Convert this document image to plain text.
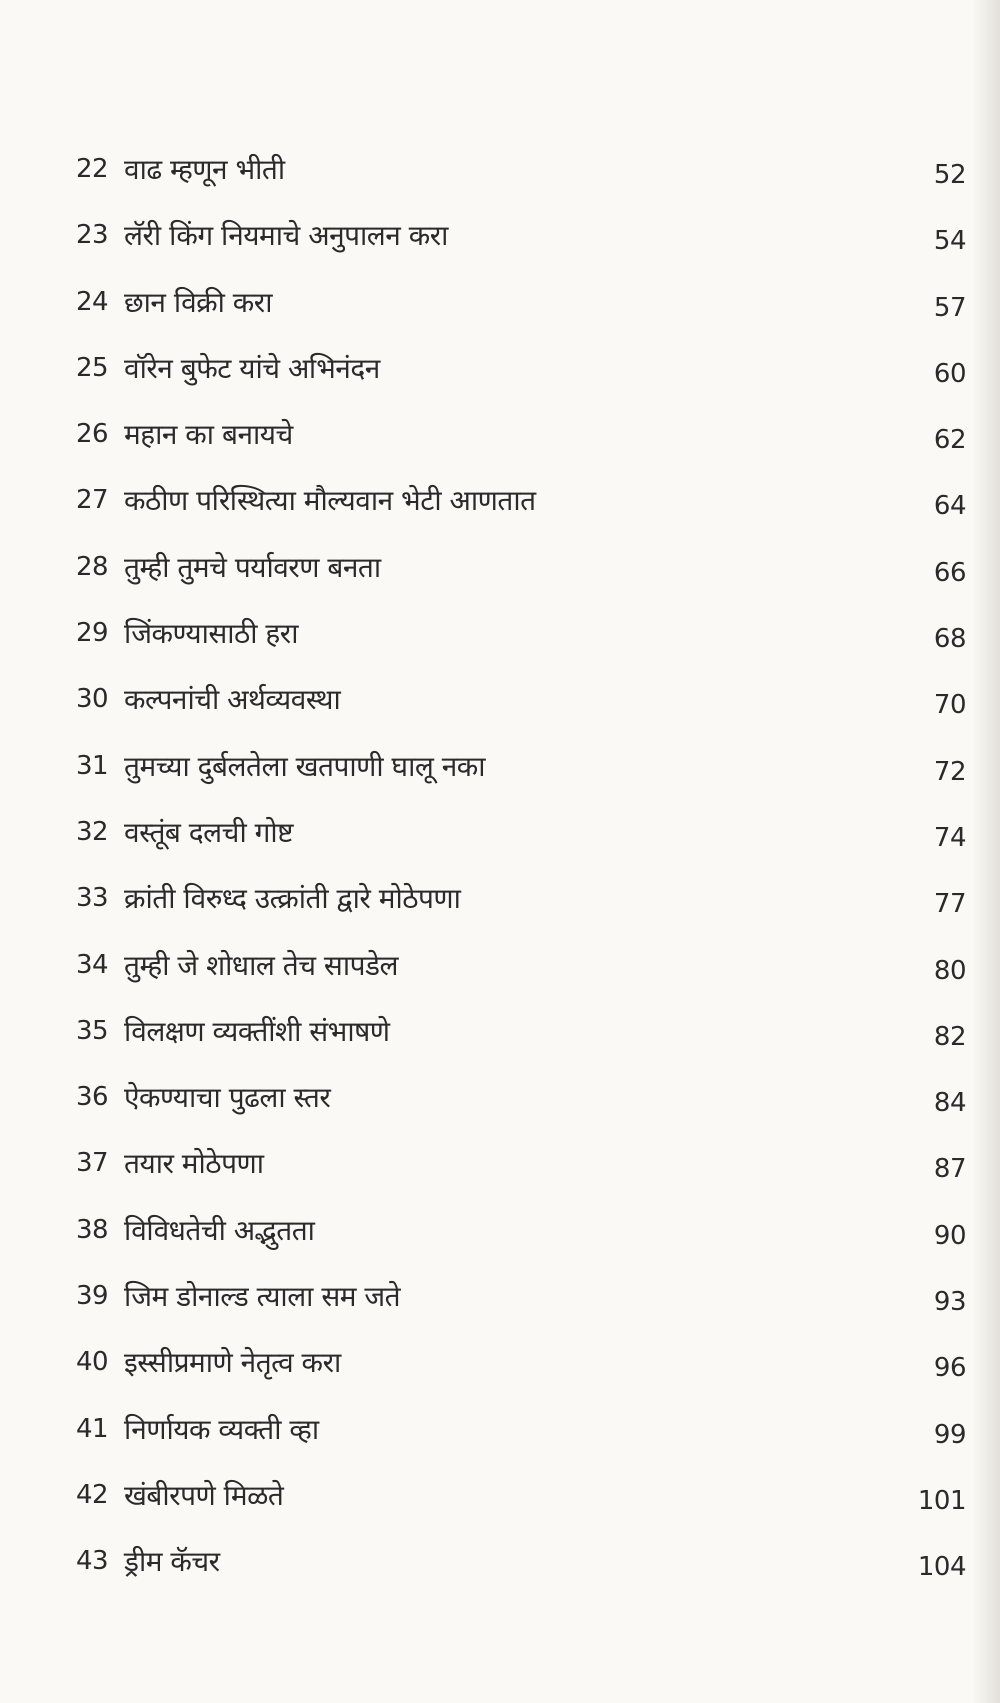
22 वाढ म्हणून भीती	52
23 लॅरी किंग नियमाचे अनुपालन करा	54
24 छान विक्री करा	57
25 वॉरेन बुफेट यांचे अभिनंदन	60
26 महान का बनायचे	62
27 कठीण परिस्थित्या मौल्यवान भेटी आणतात	64
28 तुम्ही तुमचे पर्यावरण बनता	66
29 जिंकण्यासाठी हरा	68
30 कल्पनांची अर्थव्यवस्था	70
31 तुमच्या दुर्बलतेला खतपाणी घालू नका	72
32 वस्तूंब दलची गोष्ट	74
33 क्रांती विरुध्द उत्क्रांती द्वारे मोठेपणा	77
34 तुम्ही जे शोधाल तेच सापडेल	80
35 विलक्षण व्यक्तींशी संभाषणे	82
36 ऐकण्याचा पुढला स्तर	84
37 तयार मोठेपणा	87
38 विविधतेची अद्भुतता	90
39 जिम डोनाल्ड त्याला सम जते	93
40 इस्सीप्रमाणे नेतृत्व करा	96
41 निर्णायक व्यक्ती व्हा	99
42 खंबीरपणे मिळते	101
43 ड्रीम कॅचर	104
